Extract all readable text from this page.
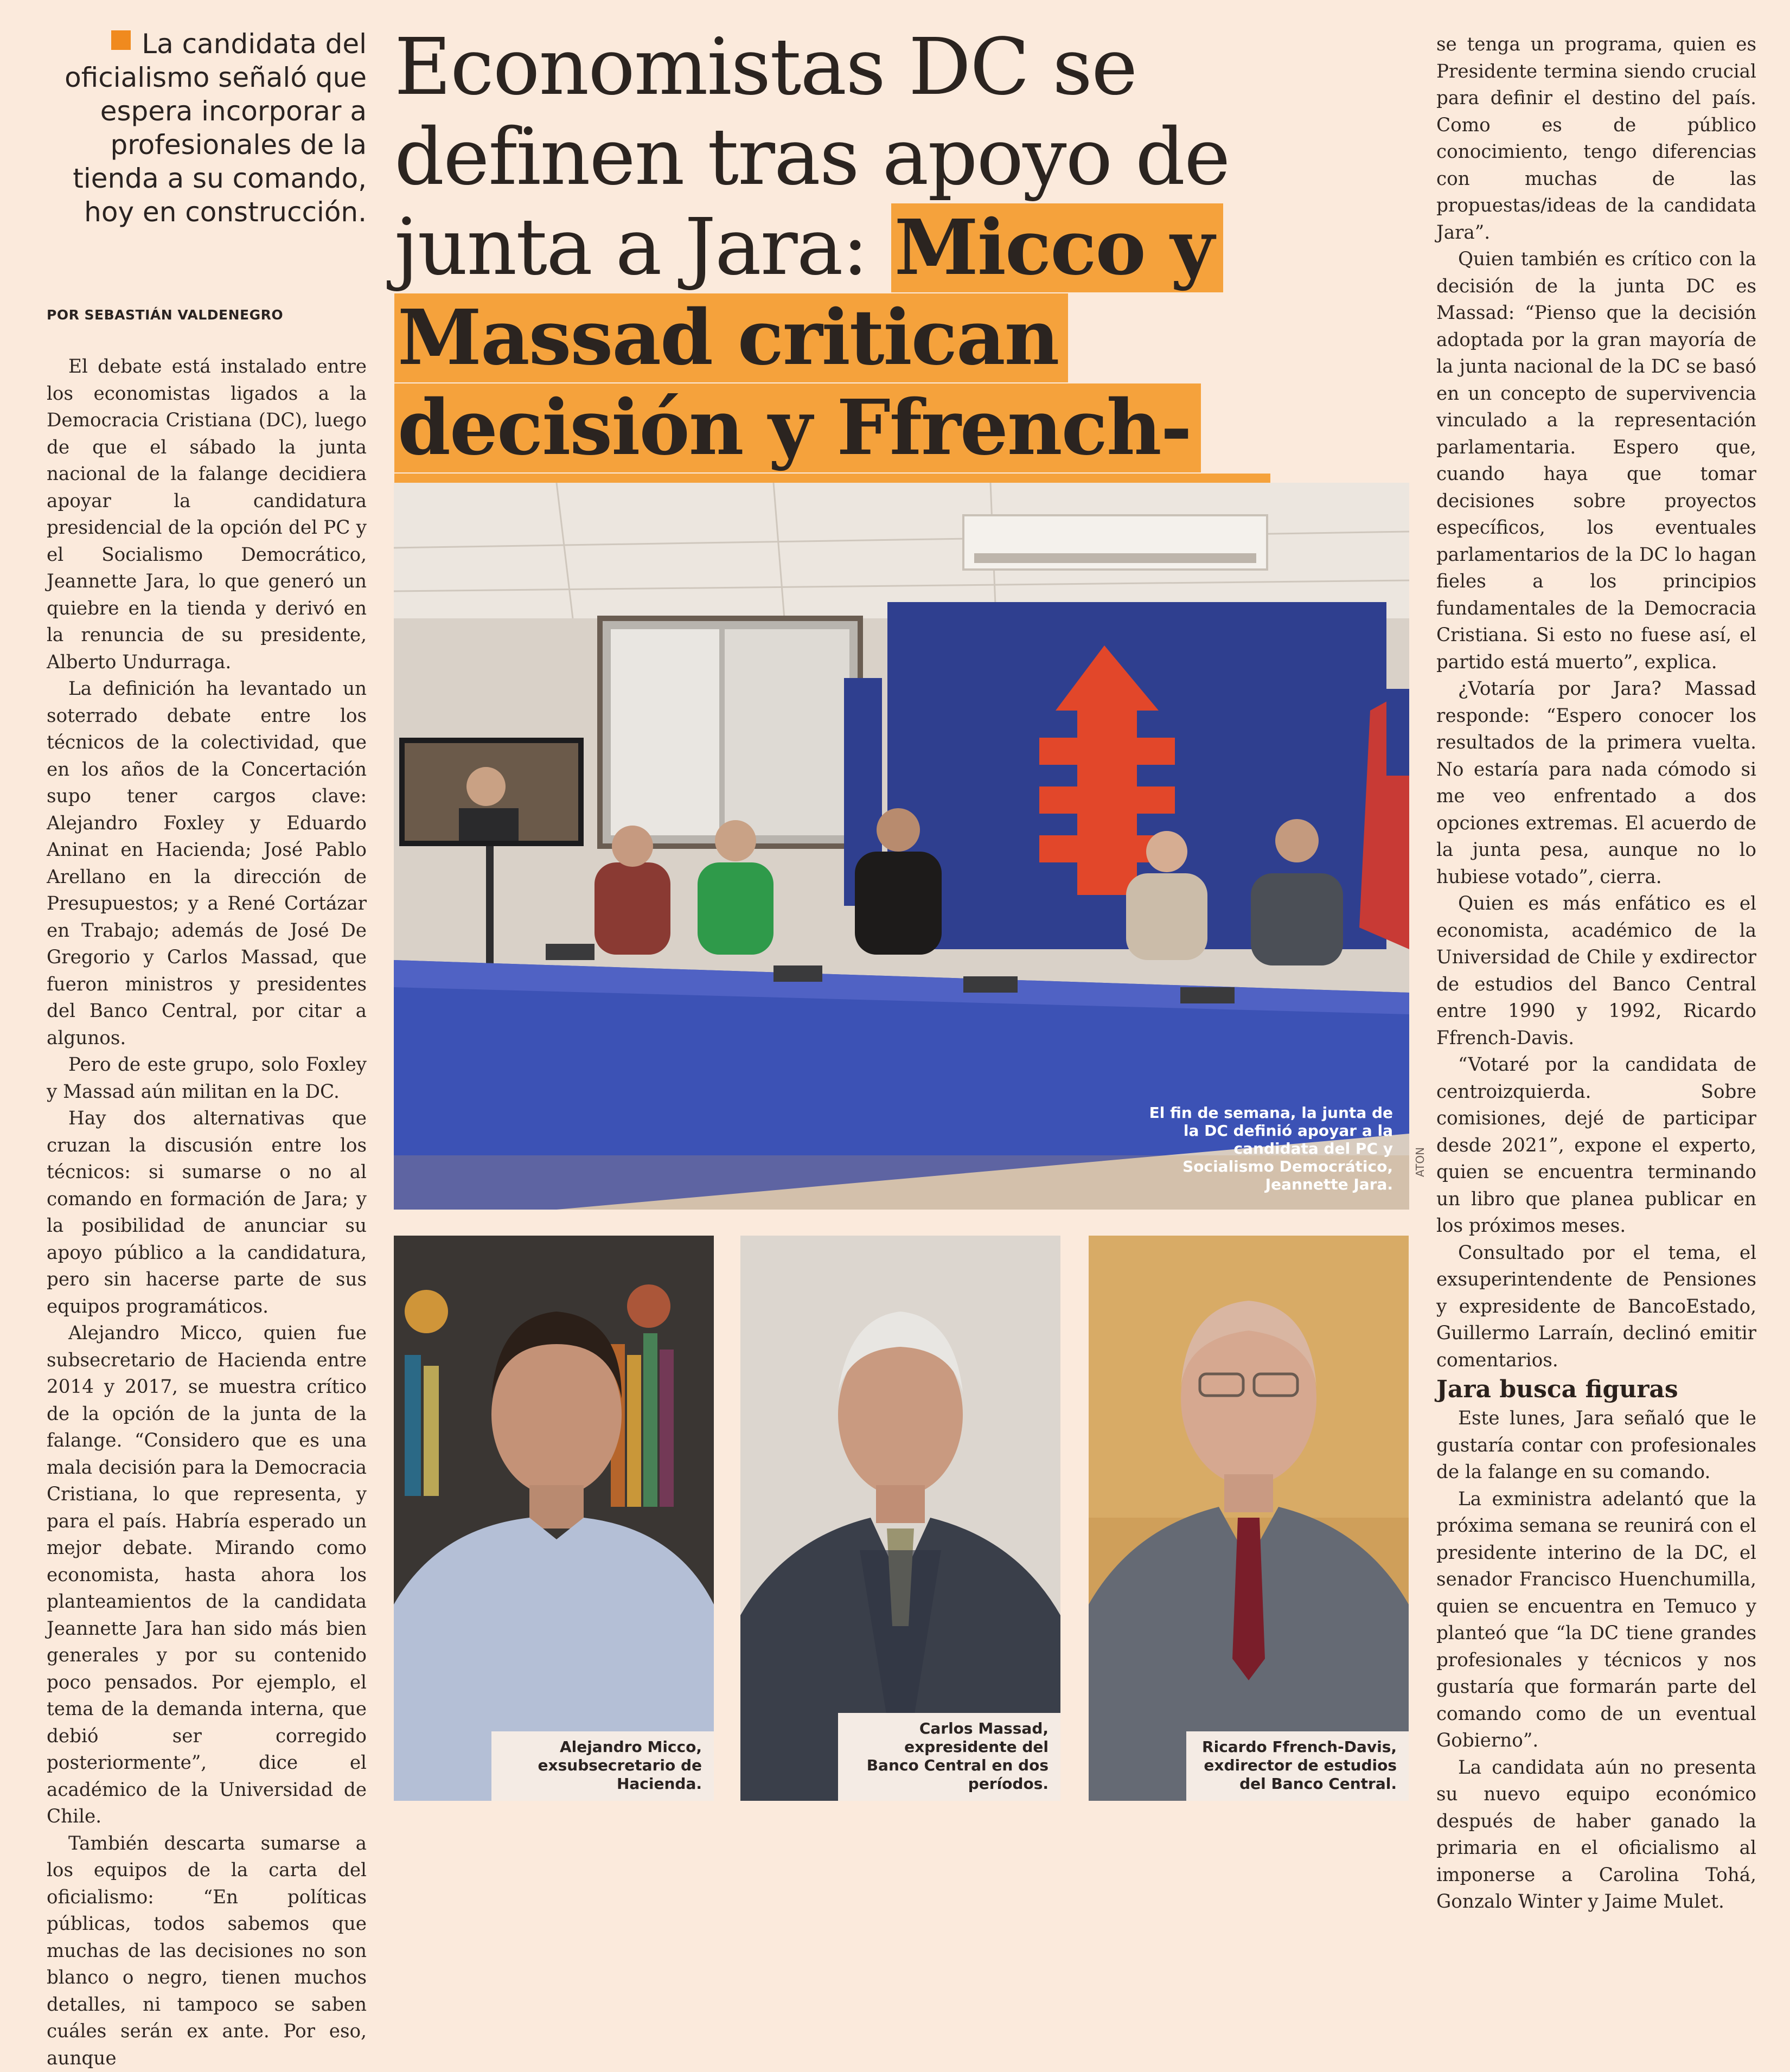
La candidata del oficialismo señaló que espera incorporar a profesionales de la tienda a su comando, hoy en construcción.
POR SEBASTIÁN VALDENEGRO
Economistas DC se definen tras apoyo de junta a Jara: Micco y Massad critican decisión y Ffrench-

El debate está instalado entre los economistas ligados a la Democracia Cristiana (DC), luego de que el sábado la junta nacional de la falange decidiera apoyar la candidatura presidencial de la opción del PC y el Socialismo Democrático, Jeannette Jara, lo que generó un quiebre en la tienda y derivó en la renuncia de su presidente, Alberto Undurraga.

La definición ha levantado un soterrado debate entre los técnicos de la colectividad, que en los años de la Concertación supo tener cargos clave: Alejandro Foxley y Eduardo Aninat en Hacienda; José Pablo Arellano en la dirección de Presupuestos; y a René Cortázar en Trabajo; además de José De Gregorio y Carlos Massad, que fueron ministros y presidentes del Banco Central, por citar a algunos.

Pero de este grupo, solo Foxley y Massad aún militan en la DC.

Hay dos alternativas que cruzan la discusión entre los técnicos: si sumarse o no al comando en formación de Jara; y la posibilidad de anunciar su apoyo público a la candidatura, pero sin hacerse parte de sus equipos programáticos.

Alejandro Micco, quien fue subsecretario de Hacienda entre 2014 y 2017, se muestra crítico de la opción de la junta de la falange. “Considero que es una mala decisión para la Democracia Cristiana, lo que representa, y para el país. Habría esperado un mejor debate. Mirando como economista, hasta ahora los planteamientos de la candidata Jeannette Jara han sido más bien generales y por su contenido poco pensados. Por ejemplo, el tema de la demanda interna, que debió ser corregido posteriormente”, dice el académico de la Universidad de Chile.

También descarta sumarse a los equipos de la carta del oficialismo: “En políticas públicas, todos sabemos que muchas de las decisiones no son blanco o negro, tienen muchos detalles, ni tampoco se saben cuáles serán ex ante. Por eso, aunque

se tenga un programa, quien es Presidente termina siendo crucial para definir el destino del país. Como es de público conocimiento, tengo diferencias con muchas de las propuestas/ideas de la candidata Jara”.

Quien también es crítico con la decisión de la junta DC es Massad: “Pienso que la decisión adoptada por la gran mayoría de la junta nacional de la DC se basó en un concepto de supervivencia vinculado a la representación parlamentaria. Espero que, cuando haya que tomar decisiones sobre proyectos específicos, los eventuales parlamentarios de la DC lo hagan fieles a los principios fundamentales de la Democracia Cristiana. Si esto no fuese así, el partido está muerto”, explica.

¿Votaría por Jara? Massad responde: “Espero conocer los resultados de la primera vuelta. No estaría para nada cómodo si me veo enfrentado a dos opciones extremas. El acuerdo de la junta pesa, aunque no lo hubiese votado”, cierra.

Quien es más enfático es el economista, académico de la Universidad de Chile y exdirector de estudios del Banco Central entre 1990 y 1992, Ricardo Ffrench-Davis.

“Votaré por la candidata de centroizquierda. Sobre comisiones, dejé de participar desde 2021”, expone el experto, quien se encuentra terminando un libro que planea publicar en los próximos meses.

Consultado por el tema, el exsuperintendente de Pensiones y expresidente de BancoEstado, Guillermo Larraín, declinó emitir comentarios.

Jara busca figuras

Este lunes, Jara señaló que le gustaría contar con profesionales de la falange en su comando.

La exministra adelantó que la próxima semana se reunirá con el presidente interino de la DC, el senador Francisco Huenchumilla, quien se encuentra en Temuco y planteó que “la DC tiene grandes profesionales y técnicos y nos gustaría que formarán parte del comando como de un eventual Gobierno”.

La candidata aún no presenta su nuevo equipo económico después de haber ganado la primaria en el oficialismo al imponerse a Carolina Tohá, Gonzalo Winter y Jaime Mulet.

El fin de semana, la junta de la DC definió apoyar a la candidata del PC y Socialismo Democrático, Jeannette Jara.
ATON
Alejandro Micco, exsubsecretario de Hacienda.
Carlos Massad, expresidente del Banco Central en dos períodos.
Ricardo Ffrench-Davis, exdirector de estudios del Banco Central.
